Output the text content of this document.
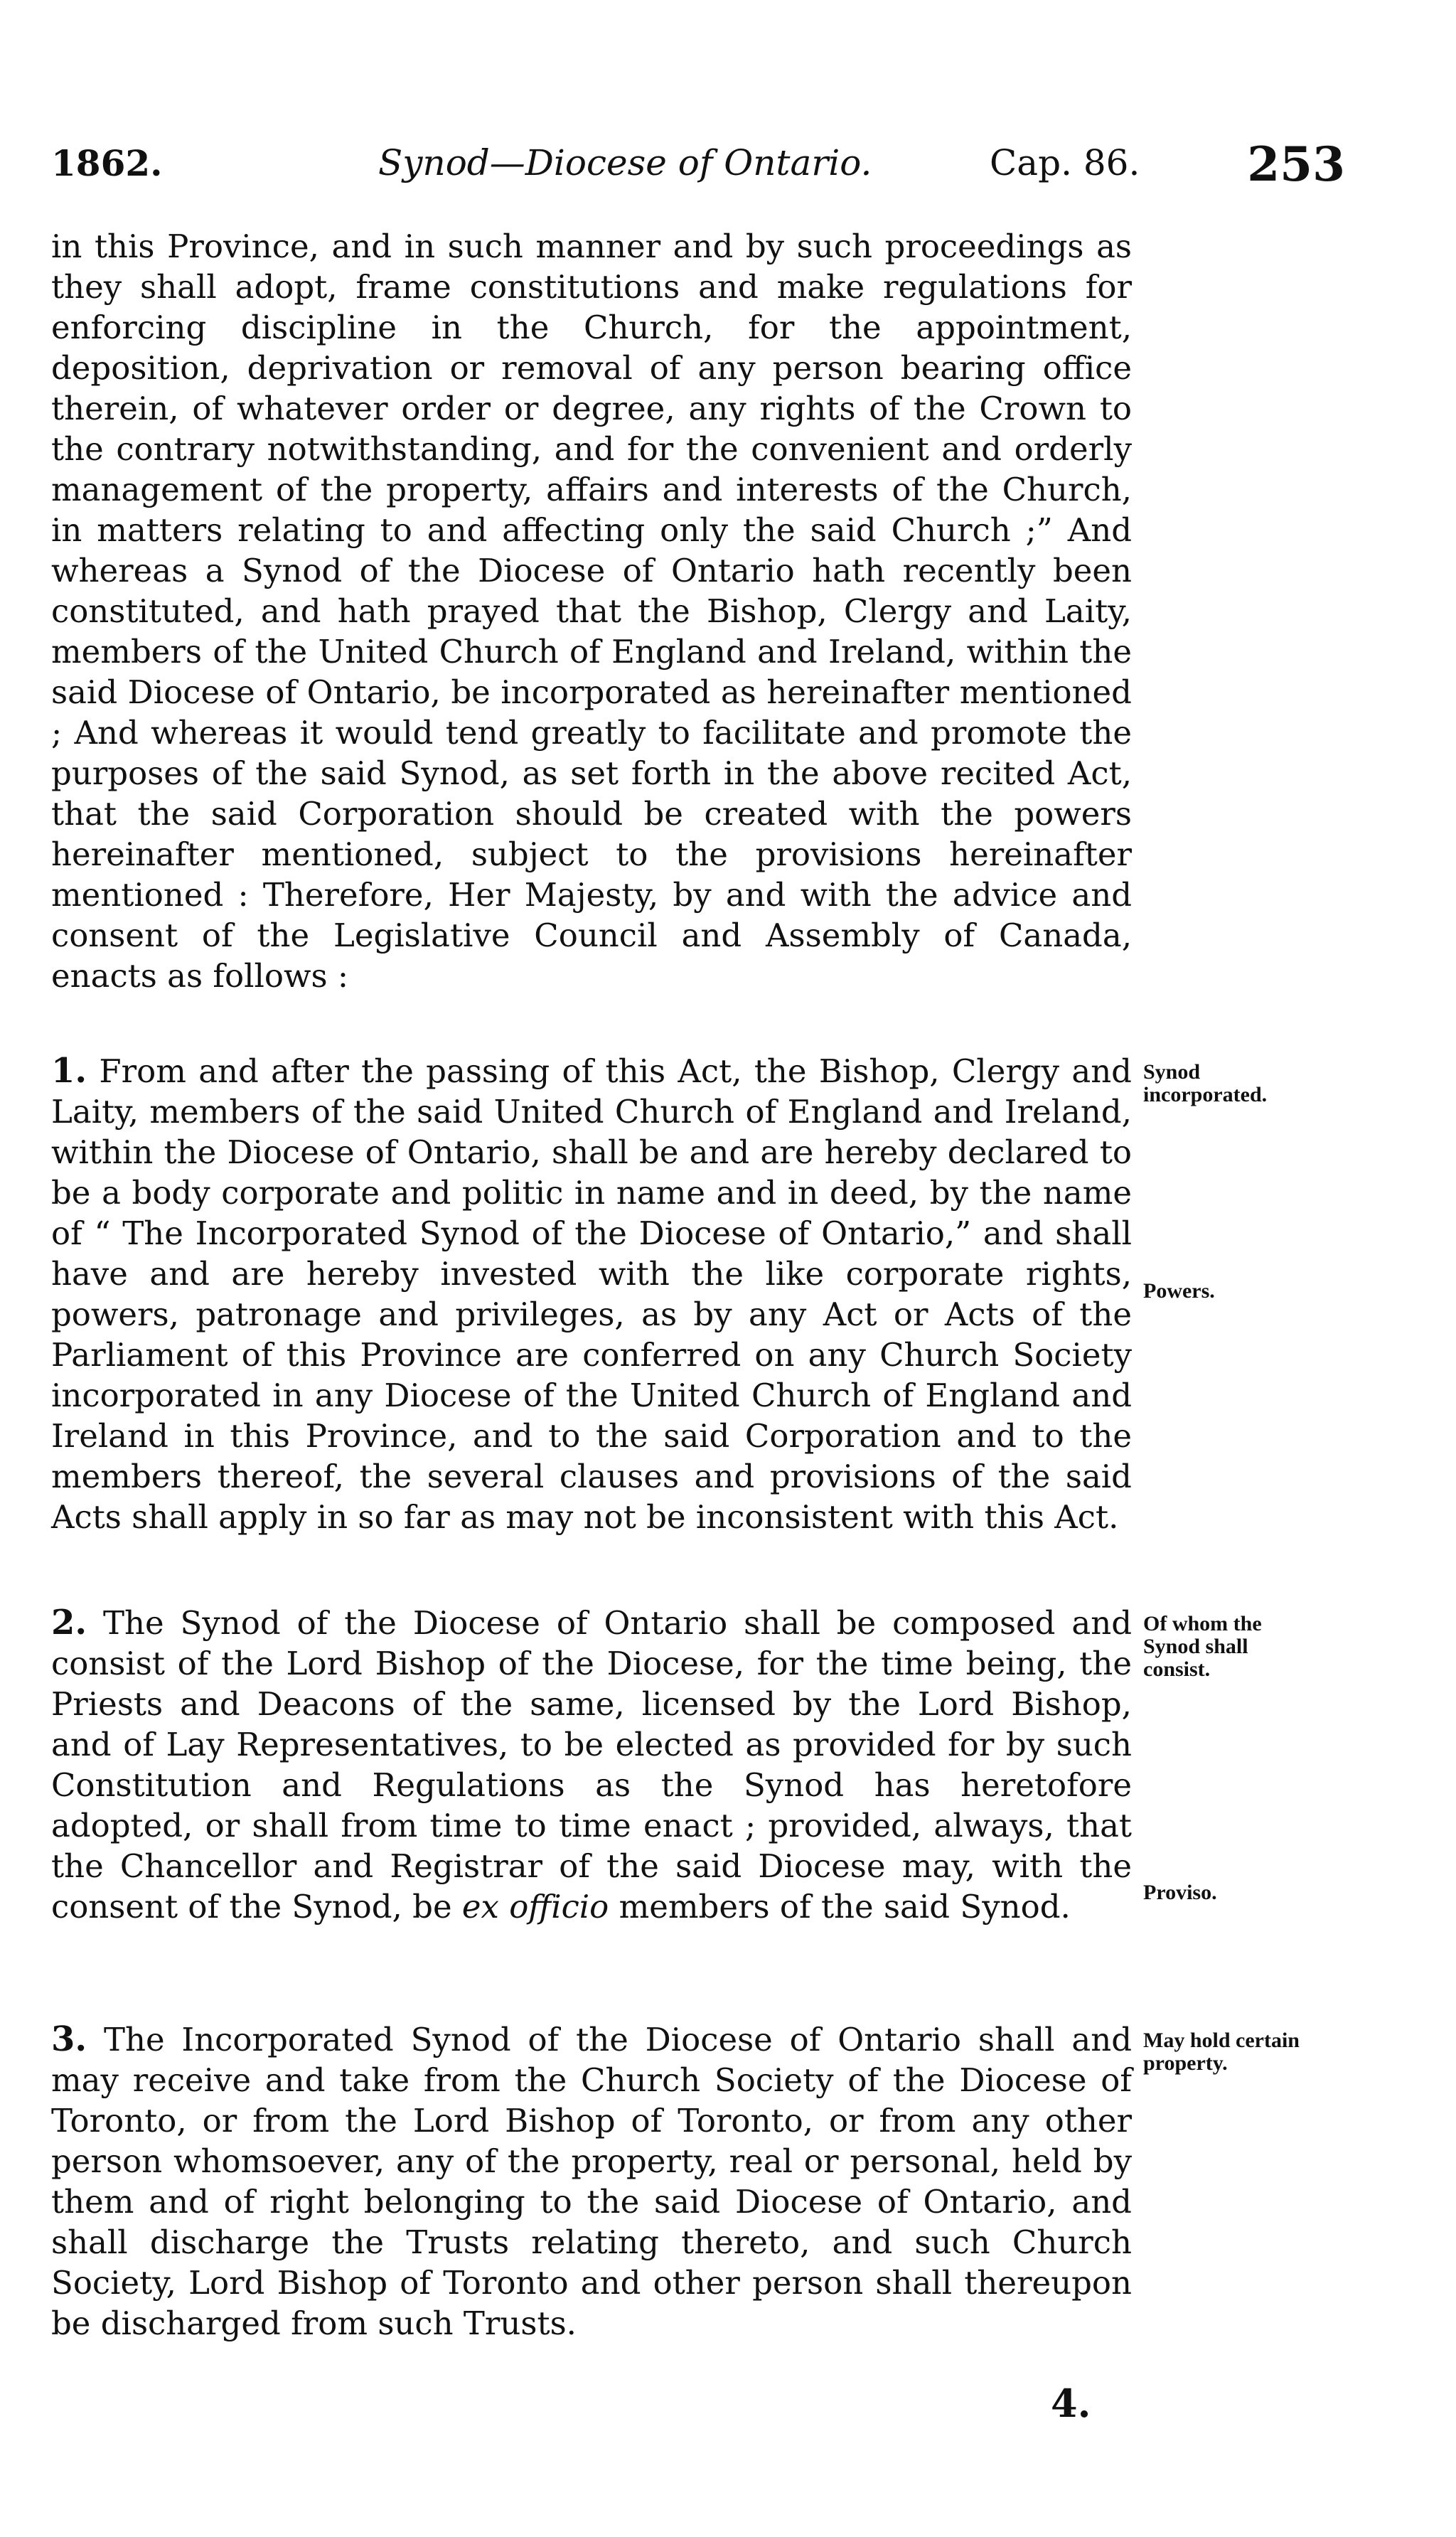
1862.	Synod—Diocese of Ontario.	Cap. 86. 253

in this Province, and in such manner and by such proceedings as they shall adopt, frame constitutions and make regulations for enforcing discipline in the Church, for the appointment, deposition, deprivation or removal of any person bearing office therein, of whatever order or degree, any rights of the Crown to the contrary notwithstanding, and for the convenient and orderly management of the property, affairs and interests of the Church, in matters relating to and affecting only the said Church ;” And whereas a Synod of the Diocese of Ontario hath recently been constituted, and hath prayed that the Bishop, Clergy and Laity, members of the United Church of England and Ireland, within the said Diocese of Ontario, be incorporated as hereinafter mentioned ; And whereas it would tend greatly to facilitate and promote the purposes of the said Synod, as set forth in the above recited Act, that the said Corporation should be created with the powers hereinafter mentioned, subject to the provisions hereinafter mentioned : Therefore, Her Majesty, by and with the advice and consent of the Legislative Council and Assembly of Canada, enacts as follows :

1. From and after the passing of this Act, the Bishop, Clergy and Laity, members of the said United Church of England and Ireland, within the Diocese of Ontario, shall be and are hereby declared to be a body corporate and politic in name and in deed, by the name of “ The Incorporated Synod of the Diocese of Ontario,” and shall have and are hereby invested with the like corporate rights, powers, patronage and privileges, as by any Act or Acts of the Parliament of this Province are conferred on any Church Society incorporated in any Diocese of the United Church of England and Ireland in this Province, and to the said Corporation and to the members thereof, the several clauses and provisions of the said Acts shall apply in so far as may not be inconsistent with this Act.

2. The Synod of the Diocese of Ontario shall be composed and consist of the Lord Bishop of the Diocese, for the time being, the Priests and Deacons of the same, licensed by the Lord Bishop, and of Lay Representatives, to be elected as provided for by such Constitution and Regulations as the Synod has heretofore adopted, or shall from time to time enact ; provided, always, that the Chancellor and Registrar of the said Diocese may, with the consent of the Synod, be ex officio members of the said Synod.

3. The Incorporated Synod of the Diocese of Ontario shall and may receive and take from the Church Society of the Diocese of Toronto, or from the Lord Bishop of Toronto, or from any other person whomsoever, any of the property, real or personal, held by them and of right belonging to the said Diocese of Ontario, and shall discharge the Trusts relating thereto, and such Church Society, Lord Bishop of Toronto and other person shall thereupon be discharged from such Trusts.

Synod incorporated.
Powers.
Of whom the Synod shall consist.
Proviso.
May hold certain property.
4.
